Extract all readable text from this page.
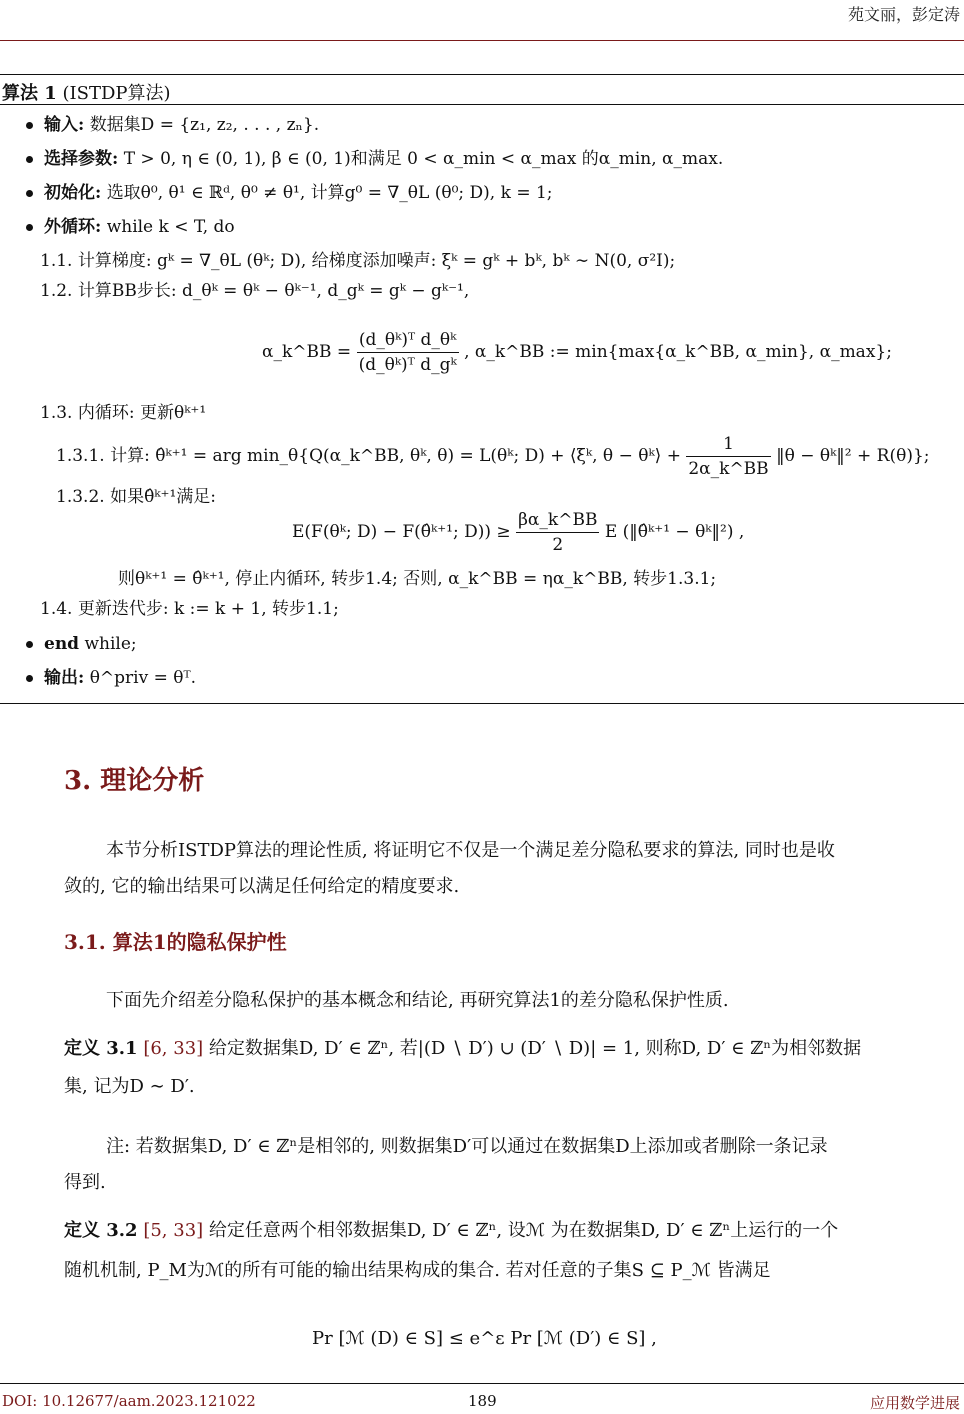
苑文丽，彭定涛
算法 1 (ISTDP算法)
输入: 数据集D = {z₁, z₂, . . . , zₙ}.
选择参数: T > 0, η ∈ (0, 1), β ∈ (0, 1)和满足 0 < α_min < α_max 的α_min, α_max.
初始化: 选取θ⁰, θ¹ ∈ ℝᵈ, θ⁰ ≠ θ¹, 计算g⁰ = ∇_θL (θ⁰; D), k = 1;
外循环: while k < T, do
1.1. 计算梯度: gᵏ = ∇_θL (θᵏ; D), 给梯度添加噪声: ξᵏ = gᵏ + bᵏ, bᵏ ∼ N(0, σ²I);
1.2. 计算BB步长: d_θᵏ = θᵏ − θᵏ⁻¹, d_gᵏ = gᵏ − gᵏ⁻¹,
α_k^BB = $\frac{\text{(d\_θᵏ)ᵀ d\_θᵏ}}{\text{(d\_θᵏ)ᵀ d\_gᵏ}}$ , α_k^BB := min{max{α_k^BB, α_min}, α_max};
1.3. 内循环: 更新θᵏ⁺¹
1.3.1. 计算: θ̂ᵏ⁺¹ = arg min_θ{Q(α_k^BB, θᵏ, θ) = L(θᵏ; D) + ⟨ξᵏ, θ − θᵏ⟩ + $\frac{1}{2\alpha\_k\^{}BB}$ ‖θ − θᵏ‖² + R(θ)};
1.3.2. 如果θ̂ᵏ⁺¹满足:
E(F(θᵏ; D) − F(θ̂ᵏ⁺¹; $D)) \ge \frac{\beta\alpha\_k\^{}BB}{2}$ E (‖θ̂ᵏ⁺¹ − θᵏ‖²) ,
则θᵏ⁺¹ = θ̂ᵏ⁺¹, 停止内循环, 转步1.4; 否则, α_k^BB = ηα_k^BB, 转步1.3.1;
1.4. 更新迭代步: k := k + 1, 转步1.1;
end while;
输出: θ^priv = θᵀ.
3. 理论分析
本节分析ISTDP算法的理论性质, 将证明它不仅是一个满足差分隐私要求的算法, 同时也是收
敛的, 它的输出结果可以满足任何给定的精度要求.
3.1. 算法1的隐私保护性
下面先介绍差分隐私保护的基本概念和结论, 再研究算法1的差分隐私保护性质.
定义 3.1 [6, 33] 给定数据集D, D′ ∈ ℤⁿ, 若|(D ∖ D′) ∪ (D′ ∖ D)| = 1, 则称D, D′ ∈ ℤⁿ为相邻数据
集, 记为D ∼ D′.
注: 若数据集D, D′ ∈ ℤⁿ是相邻的, 则数据集D′可以通过在数据集D上添加或者删除一条记录
得到.
定义 3.2 [5, 33] 给定任意两个相邻数据集D, D′ ∈ ℤⁿ, 设ℳ 为在数据集D, D′ ∈ ℤⁿ上运行的一个
随机机制, P_M为ℳ的所有可能的输出结果构成的集合. 若对任意的子集S ⊆ P_ℳ 皆满足
Pr [ℳ (D) ∈ S] ≤ e^ε Pr [ℳ (D′) ∈ S] ,
DOI: 10.12677/aam.2023.121022	189	应用数学进展
